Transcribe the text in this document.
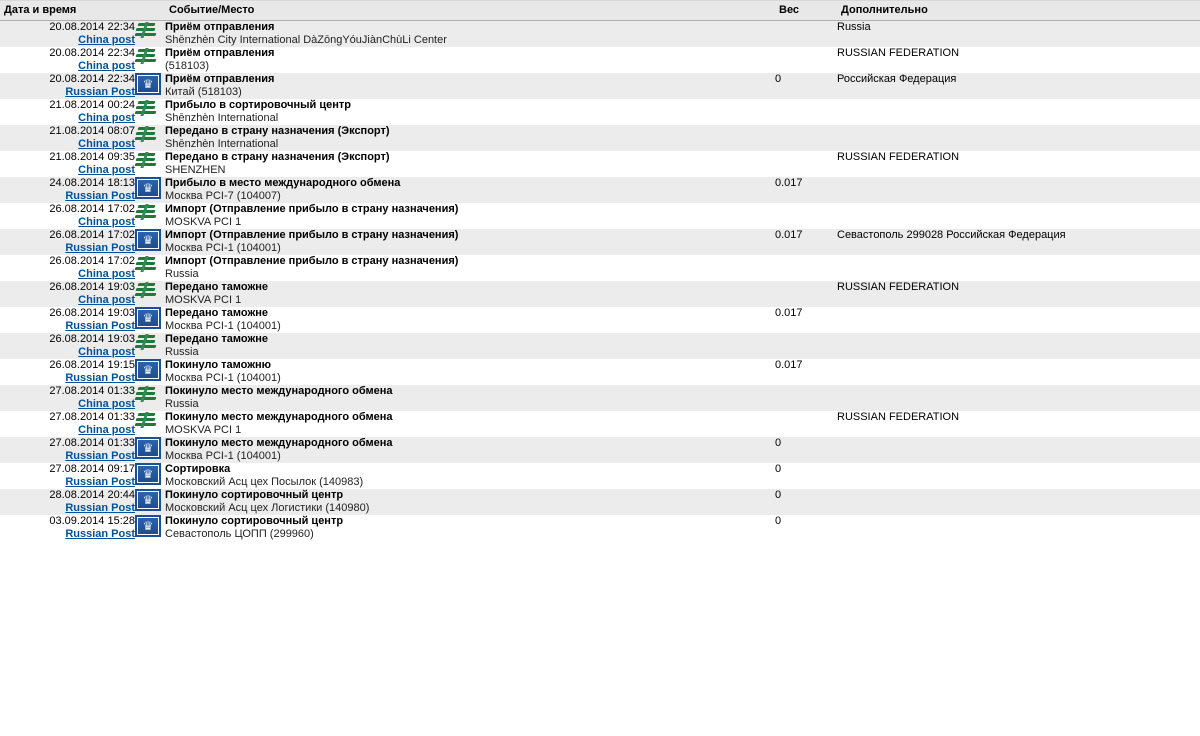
Дата и время		Событие/Место	Вес	Дополнительно

20.08.2014 22:34
China post		Приём отправления
Shēnzhèn City International DàZōngYóuJiànChùLi Center		Russia

20.08.2014 22:34
China post		Приём отправления
(518103)		RUSSIAN FEDERATION

20.08.2014 22:34
Russian Post	♛	Приём отправления
Китай (518103)	0	Российская Федерация

21.08.2014 00:24
China post		Прибыло в сортировочный центр
Shēnzhèn International		

21.08.2014 08:07
China post		Передано в страну назначения (Экспорт)
Shēnzhèn International		

21.08.2014 09:35
China post		Передано в страну назначения (Экспорт)
SHENZHEN		RUSSIAN FEDERATION

24.08.2014 18:13
Russian Post	♛	Прибыло в место международного обмена
Москва PCI-7 (104007)	0.017	

26.08.2014 17:02
China post		Импорт (Отправление прибыло в страну назначения)
MOSKVA PCI 1		

26.08.2014 17:02
Russian Post	♛	Импорт (Отправление прибыло в страну назначения)
Москва PCI-1 (104001)	0.017	Севастополь 299028 Российская Федерация

26.08.2014 17:02
China post		Импорт (Отправление прибыло в страну назначения)
Russia		

26.08.2014 19:03
China post		Передано таможне
MOSKVA PCI 1		RUSSIAN FEDERATION

26.08.2014 19:03
Russian Post	♛	Передано таможне
Москва PCI-1 (104001)	0.017	

26.08.2014 19:03
China post		Передано таможне
Russia		

26.08.2014 19:15
Russian Post	♛	Покинуло таможню
Москва PCI-1 (104001)	0.017	

27.08.2014 01:33
China post		Покинуло место международного обмена
Russia		

27.08.2014 01:33
China post		Покинуло место международного обмена
MOSKVA PCI 1		RUSSIAN FEDERATION

27.08.2014 01:33
Russian Post	♛	Покинуло место международного обмена
Москва PCI-1 (104001)	0	

27.08.2014 09:17
Russian Post	♛	Сортировка
Московский Асц цех Посылок (140983)	0	

28.08.2014 20:44
Russian Post	♛	Покинуло сортировочный центр
Московский Асц цех Логистики (140980)	0	

03.09.2014 15:28
Russian Post	♛	Покинуло сортировочный центр
Севастополь ЦОПП (299960)	0	
